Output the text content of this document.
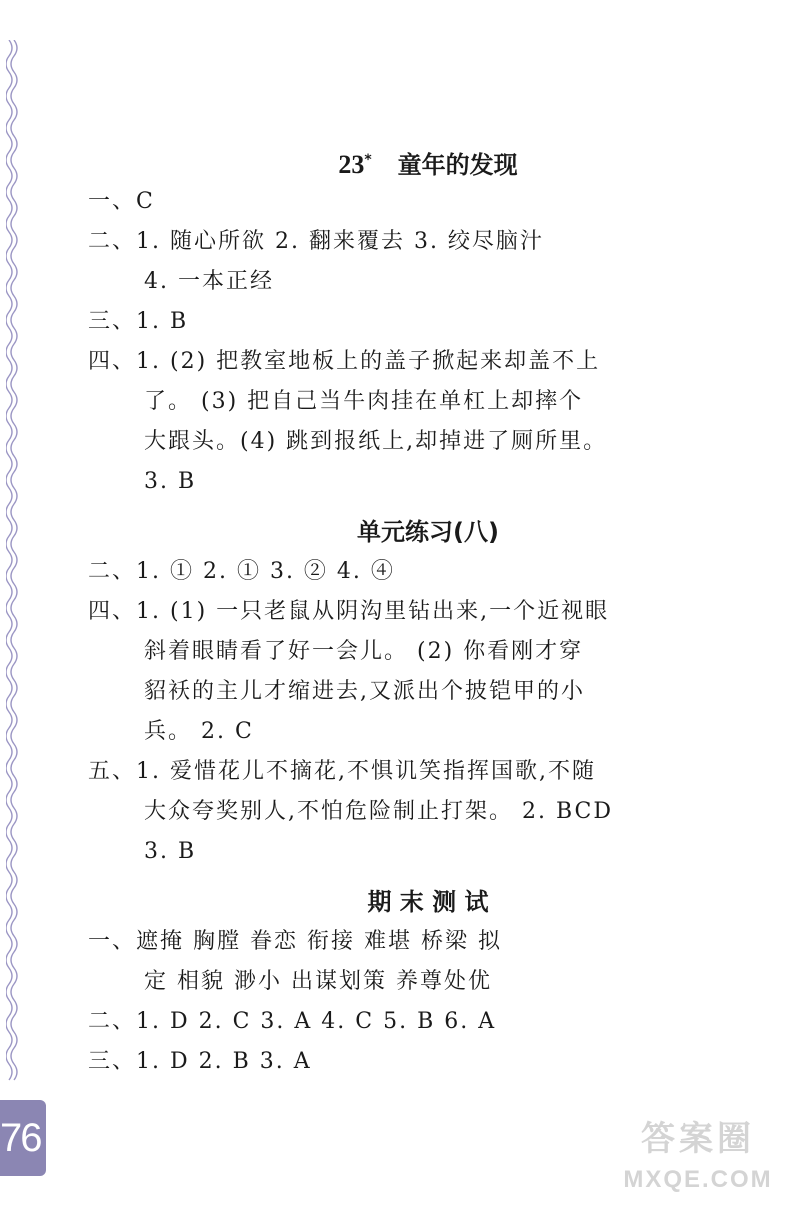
76
23* 童年的发现
一、C
二、1. 随心所欲 2. 翻来覆去 3. 绞尽脑汁
4. 一本正经
三、1. B
四、1. (2) 把教室地板上的盖子掀起来却盖不上
了。 (3) 把自己当牛肉挂在单杠上却摔个
大跟头。(4) 跳到报纸上,却掉进了厕所里。
3. B
单元练习(八)
二、1. ① 2. ① 3. ② 4. ④
四、1. (1) 一只老鼠从阴沟里钻出来,一个近视眼
斜着眼睛看了好一会儿。 (2) 你看刚才穿
貂袄的主儿才缩进去,又派出个披铠甲的小
兵。 2. C
五、1. 爱惜花儿不摘花,不惧讥笑指挥国歌,不随
大众夸奖别人,不怕危险制止打架。 2. BCD
3. B
期 末 测 试
一、遮掩 胸膛 眷恋 衔接 难堪 桥梁 拟
定 相貌 渺小 出谋划策 养尊处优
二、1. D 2. C 3. A 4. C 5. B 6. A
三、1. D 2. B 3. A
答案圈
MXQE.COM
